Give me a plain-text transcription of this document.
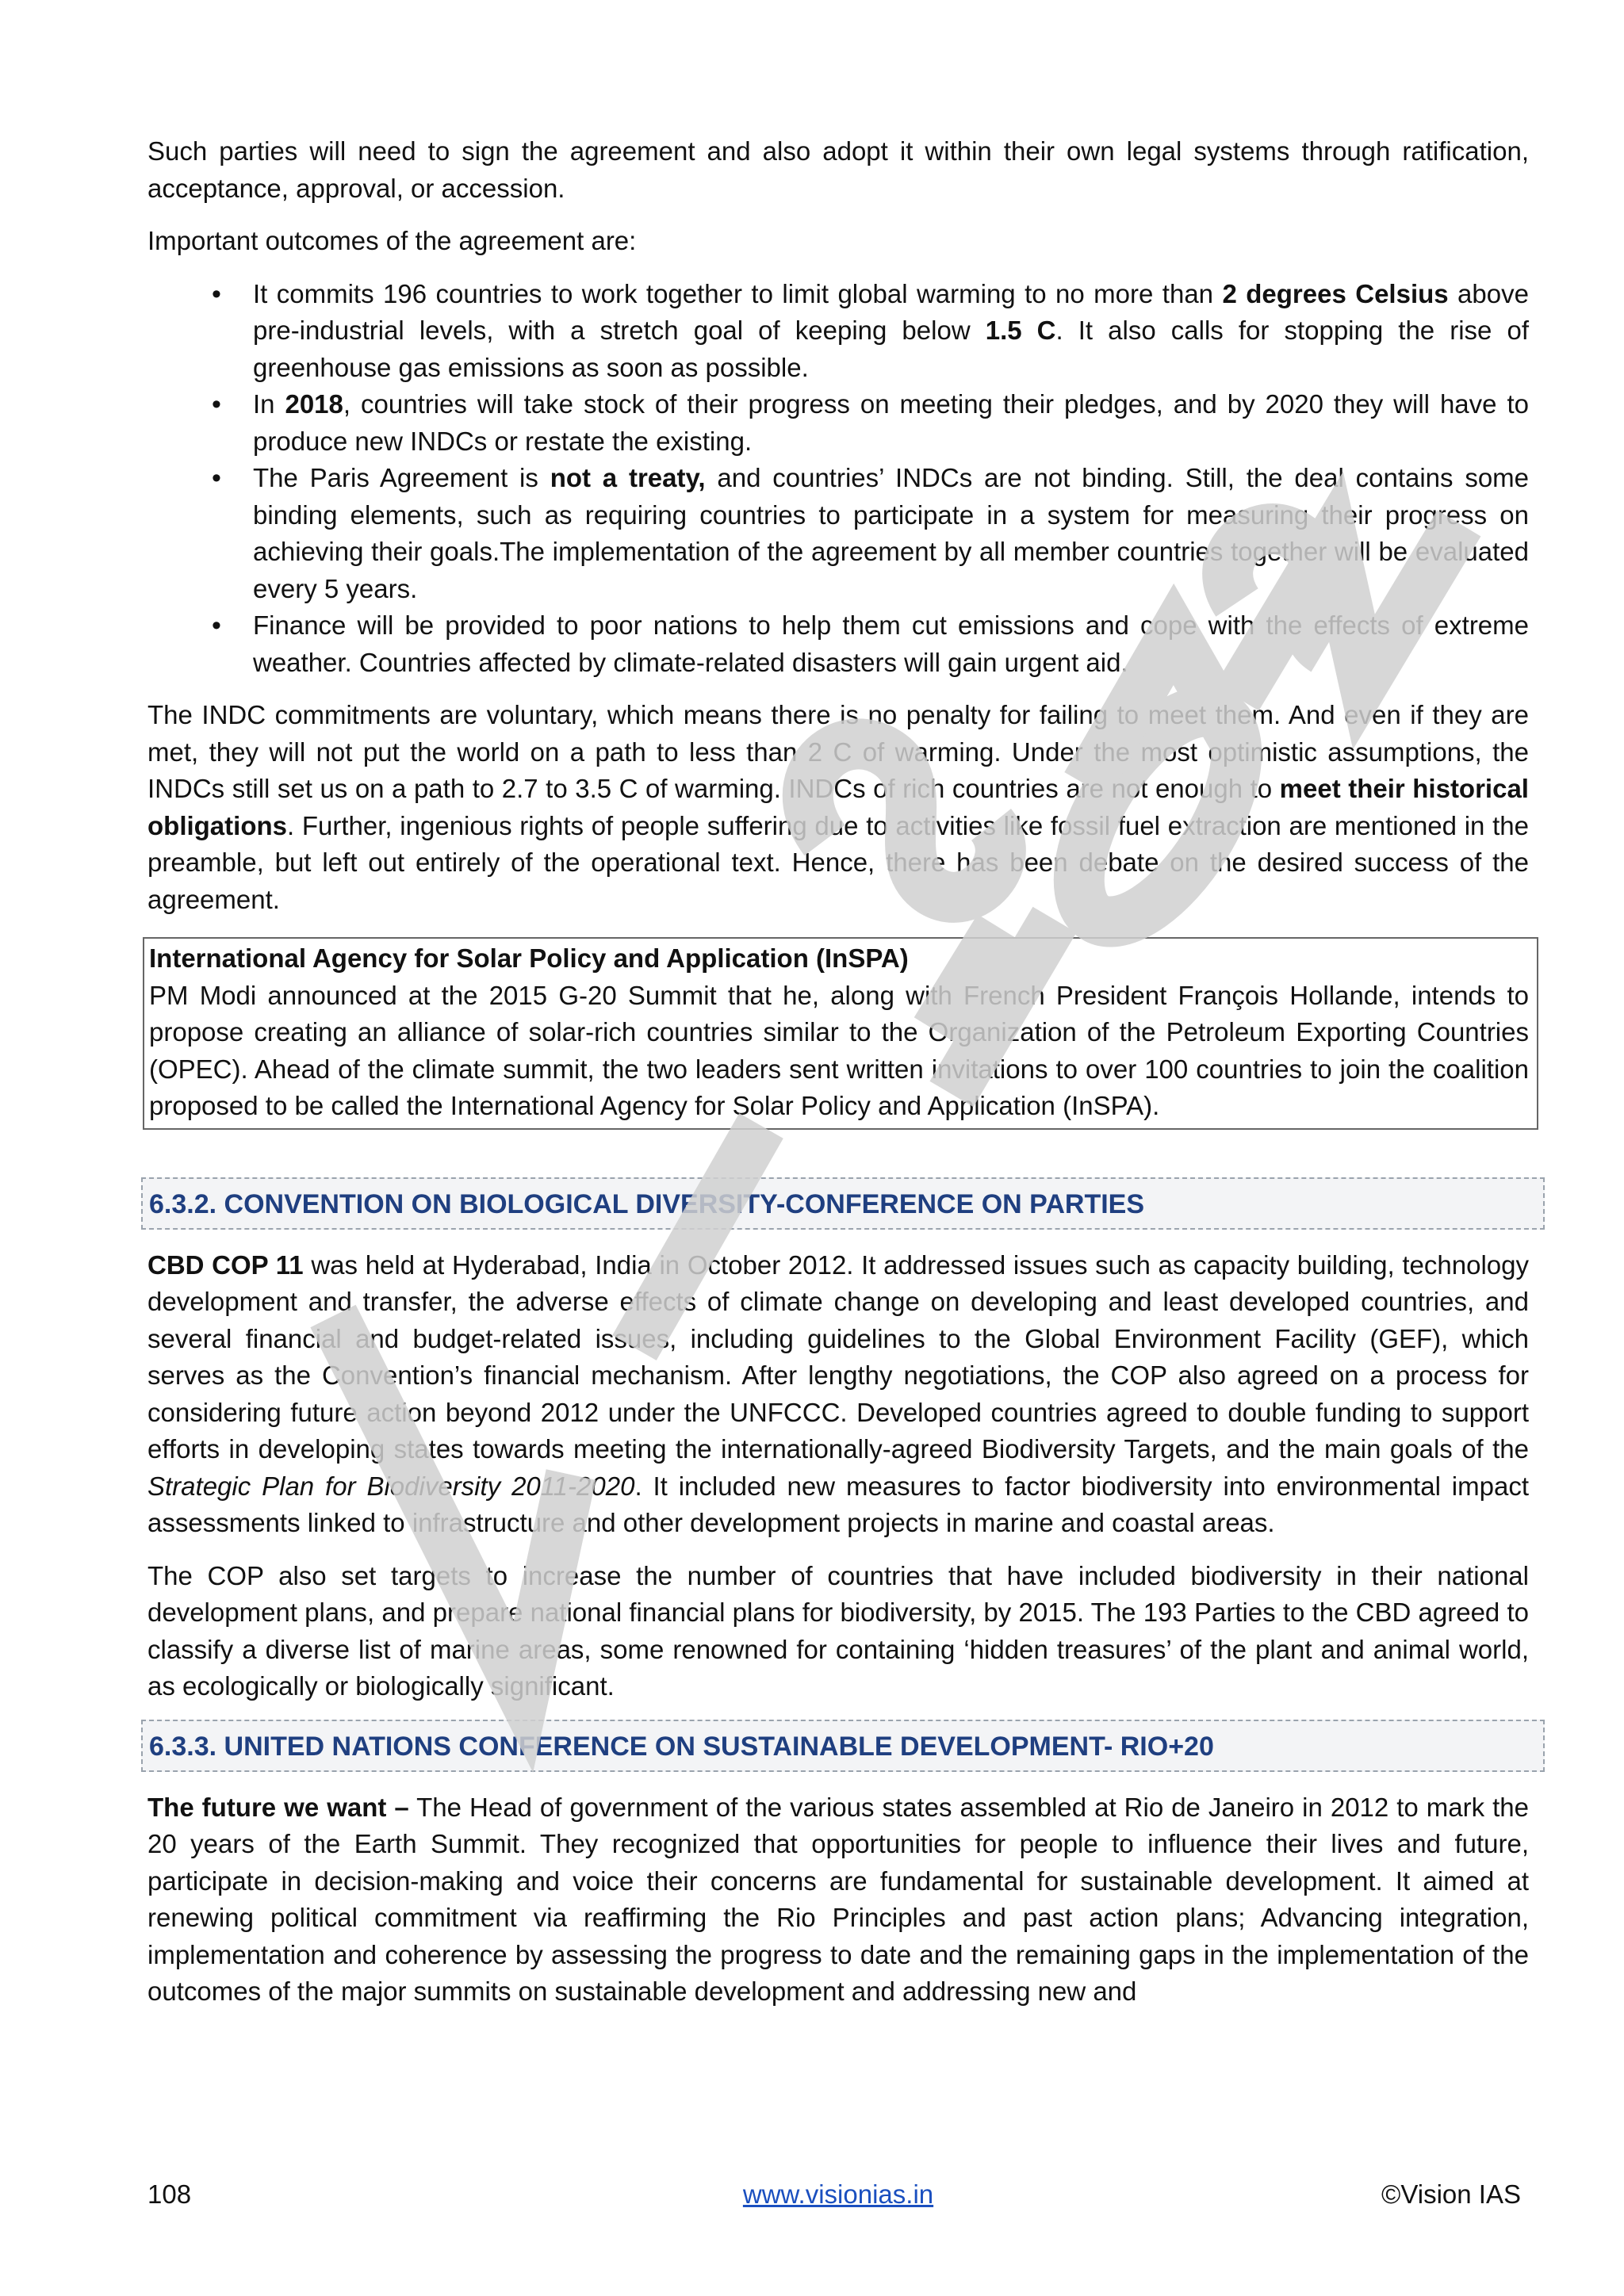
Such parties will need to sign the agreement and also adopt it within their own legal systems through ratification, acceptance, approval, or accession.

Important outcomes of the agreement are:

• It commits 196 countries to work together to limit global warming to no more than 2 degrees Celsius above pre-industrial levels, with a stretch goal of keeping below 1.5 C. It also calls for stopping the rise of greenhouse gas emissions as soon as possible.
• In 2018, countries will take stock of their progress on meeting their pledges, and by 2020 they will have to produce new INDCs or restate the existing.
• The Paris Agreement is not a treaty, and countries’ INDCs are not binding. Still, the deal contains some binding elements, such as requiring countries to participate in a system for measuring their progress on achieving their goals.The implementation of the agreement by all member countries together will be evaluated every 5 years.
• Finance will be provided to poor nations to help them cut emissions and cope with the effects of extreme weather. Countries affected by climate-related disasters will gain urgent aid.

The INDC commitments are voluntary, which means there is no penalty for failing to meet them. And even if they are met, they will not put the world on a path to less than 2 C of warming. Under the most optimistic assumptions, the INDCs still set us on a path to 2.7 to 3.5 C of warming. INDCs of rich countries are not enough to meet their historical obligations. Further, ingenious rights of people suffering due to activities like fossil fuel extraction are mentioned in the preamble, but left out entirely of the operational text. Hence, there has been debate on the desired success of the agreement.

International Agency for Solar Policy and Application (InSPA)

PM Modi announced at the 2015 G-20 Summit that he, along with French President François Hollande, intends to propose creating an alliance of solar-rich countries similar to the Organization of the Petroleum Exporting Countries (OPEC). Ahead of the climate summit, the two leaders sent written invitations to over 100 countries to join the coalition proposed to be called the International Agency for Solar Policy and Application (InSPA).

6.3.2. CONVENTION ON BIOLOGICAL DIVERSITY-CONFERENCE ON PARTIES

CBD COP 11 was held at Hyderabad, India in October 2012. It addressed issues such as capacity building, technology development and transfer, the adverse effects of climate change on developing and least developed countries, and several financial and budget-related issues, including guidelines to the Global Environment Facility (GEF), which serves as the Convention’s financial mechanism. After lengthy negotiations, the COP also agreed on a process for considering future action beyond 2012 under the UNFCCC. Developed countries agreed to double funding to support efforts in developing states towards meeting the internationally-agreed Biodiversity Targets, and the main goals of the Strategic Plan for Biodiversity 2011-2020. It included new measures to factor biodiversity into environmental impact assessments linked to infrastructure and other development projects in marine and coastal areas.

The COP also set targets to increase the number of countries that have included biodiversity in their national development plans, and prepare national financial plans for biodiversity, by 2015. The 193 Parties to the CBD agreed to classify a diverse list of marine areas, some renowned for containing ‘hidden treasures’ of the plant and animal world, as ecologically or biologically significant.

6.3.3. UNITED NATIONS CONFERENCE ON SUSTAINABLE DEVELOPMENT- RIO+20

The future we want – The Head of government of the various states assembled at Rio de Janeiro in 2012 to mark the 20 years of the Earth Summit. They recognized that opportunities for people to influence their lives and future, participate in decision-making and voice their concerns are fundamental for sustainable development. It aimed at renewing political commitment via reaffirming the Rio Principles and past action plans; Advancing integration, implementation and coherence by assessing the progress to date and the remaining gaps in the implementation of the outcomes of the major summits on sustainable development and addressing new and

108	www.visionias.in	©Vision IAS
